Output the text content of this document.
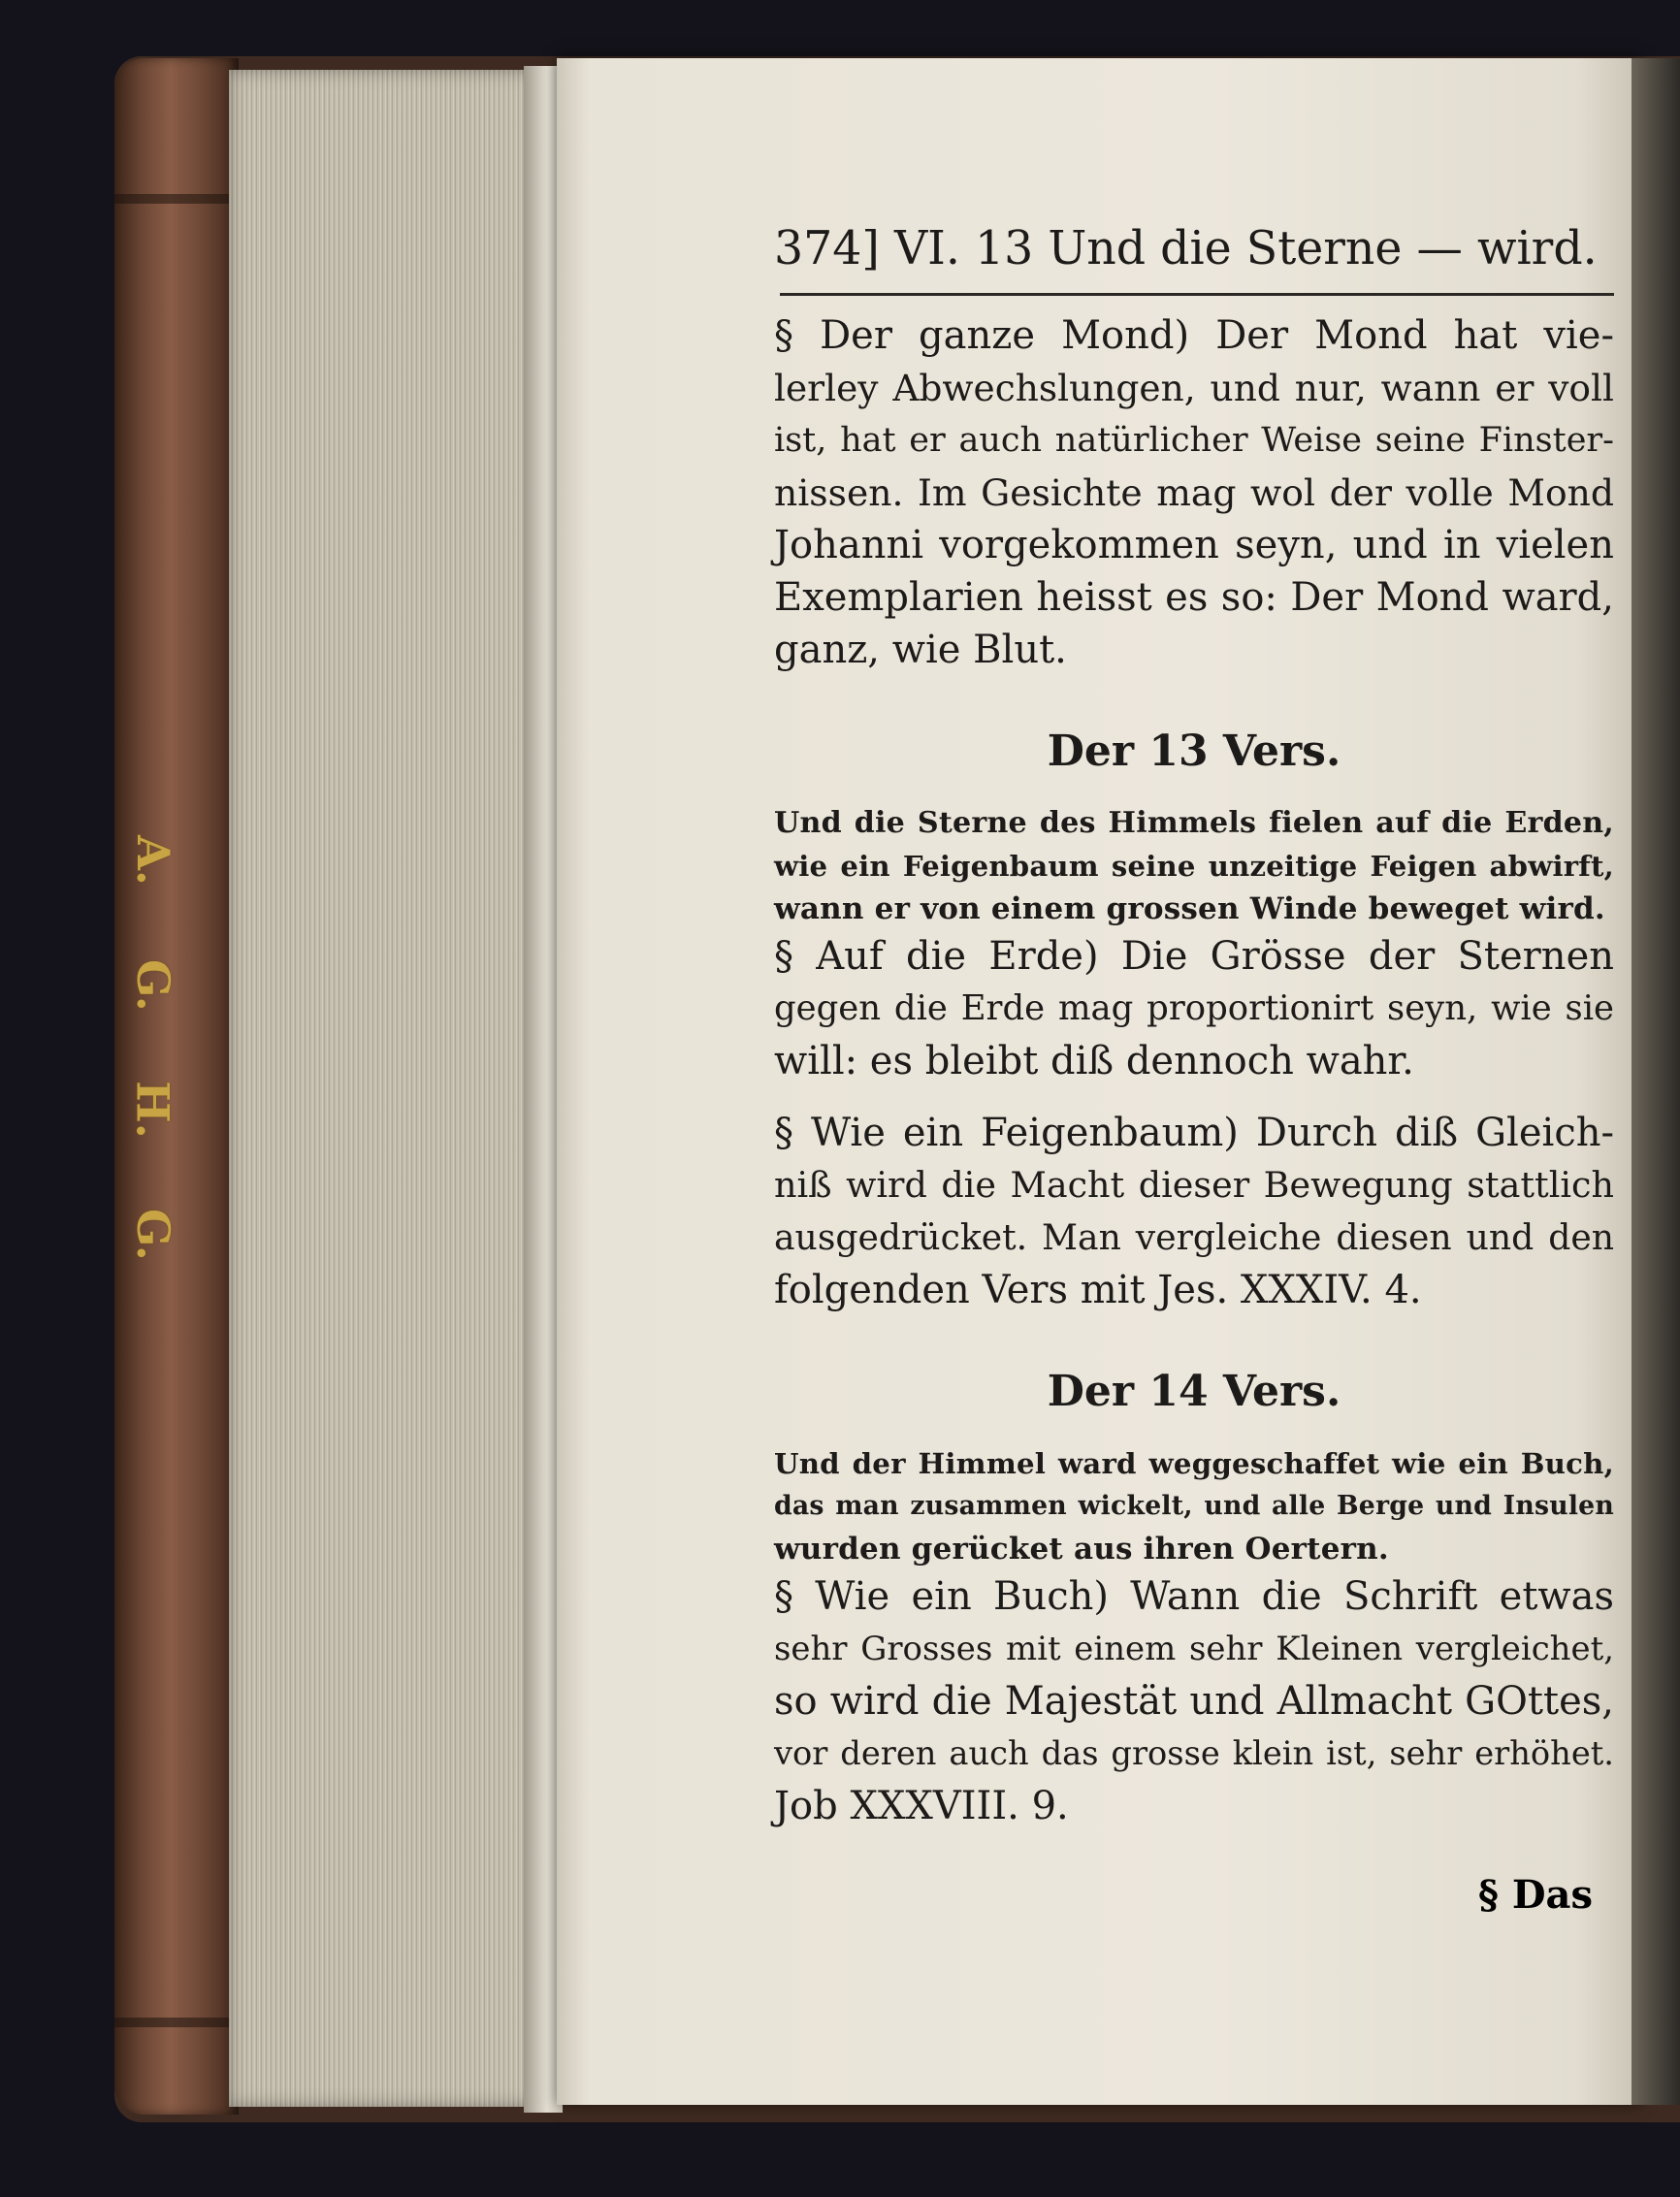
A.
G.
H.
G.
374] VI. 13 Und die Sterne — wird.
§ Der ganze Mond) Der Mond hat vie-
lerley Abwechslungen, und nur, wann er voll
ist, hat er auch natürlicher Weise seine Finster-
nissen. Im Gesichte mag wol der volle Mond
Johanni vorgekommen seyn, und in vielen
Exemplarien heisst es so: Der Mond ward,
ganz, wie Blut.
Der 13 Vers.
Und die Sterne des Himmels fielen auf die Erden,
wie ein Feigenbaum seine unzeitige Feigen abwirft,
wann er von einem grossen Winde beweget wird.
§ Auf die Erde) Die Grösse der Sternen
gegen die Erde mag proportionirt seyn, wie sie
will: es bleibt diß dennoch wahr.
§ Wie ein Feigenbaum) Durch diß Gleich-
niß wird die Macht dieser Bewegung stattlich
ausgedrücket. Man vergleiche diesen und den
folgenden Vers mit Jes. XXXIV. 4.
Der 14 Vers.
Und der Himmel ward weggeschaffet wie ein Buch,
das man zusammen wickelt, und alle Berge und Insulen
wurden gerücket aus ihren Oertern.
§ Wie ein Buch) Wann die Schrift etwas
sehr Grosses mit einem sehr Kleinen vergleichet,
so wird die Majestät und Allmacht GOttes,
vor deren auch das grosse klein ist, sehr erhöhet.
Job XXXVIII. 9.
§ Das
